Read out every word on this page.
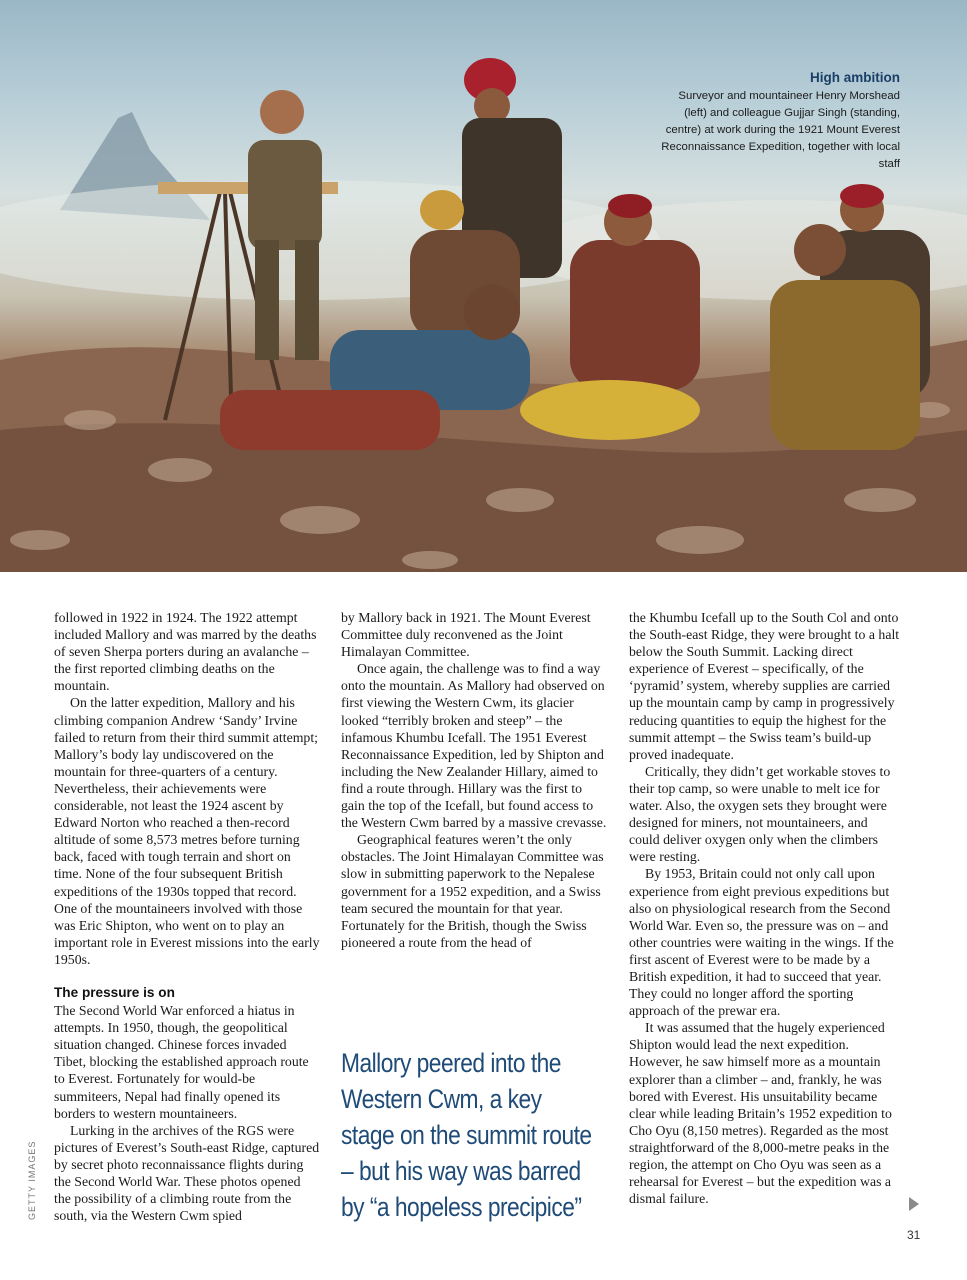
High ambition
Surveyor and mountaineer Henry Morshead (left) and colleague Gujjar Singh (standing, centre) at work during the 1921 Mount Everest Reconnaissance Expedition, together with local staff

followed in 1922 in 1924. The 1922 attempt included Mallory and was marred by the deaths of seven Sherpa porters during an avalanche – the first reported climbing deaths on the mountain.

On the latter expedition, Mallory and his climbing companion Andrew ‘Sandy’ Irvine failed to return from their third summit attempt; Mallory’s body lay undiscovered on the mountain for three-quarters of a century. Nevertheless, their achievements were considerable, not least the 1924 ascent by Edward Norton who reached a then-record altitude of some 8,573 metres before turning back, faced with tough terrain and short on time. None of the four subsequent British expeditions of the 1930s topped that record. One of the mountaineers involved with those was Eric Shipton, who went on to play an important role in Everest missions into the early 1950s.

The pressure is on

The Second World War enforced a hiatus in attempts. In 1950, though, the geopolitical situation changed. Chinese forces invaded Tibet, blocking the established approach route to Everest. Fortunately for would-be summiteers, Nepal had finally opened its borders to western mountaineers.

Lurking in the archives of the RGS were pictures of Everest’s South-east Ridge, captured by secret photo reconnaissance flights during the Second World War. These photos opened the possibility of a climbing route from the south, via the Western Cwm spied

by Mallory back in 1921. The Mount Everest Committee duly reconvened as the Joint Himalayan Committee.

Once again, the challenge was to find a way onto the mountain. As Mallory had observed on first viewing the Western Cwm, its glacier looked “terribly broken and steep” – the infamous Khumbu Icefall. The 1951 Everest Reconnaissance Expedition, led by Shipton and including the New Zealander Hillary, aimed to find a route through. Hillary was the first to gain the top of the Icefall, but found access to the Western Cwm barred by a massive crevasse.

Geographical features weren’t the only obstacles. The Joint Himalayan Committee was slow in submitting paperwork to the Nepalese government for a 1952 expedition, and a Swiss team secured the mountain for that year. Fortunately for the British, though the Swiss pioneered a route from the head of

Mallory peered into the Western Cwm, a key stage on the summit route – but his way was barred by “a hopeless precipice”

the Khumbu Icefall up to the South Col and onto the South-east Ridge, they were brought to a halt below the South Summit. Lacking direct experience of Everest – specifically, of the ‘pyramid’ system, whereby supplies are carried up the mountain camp by camp in progressively reducing quantities to equip the highest for the summit attempt – the Swiss team’s build-up proved inadequate.

Critically, they didn’t get workable stoves to their top camp, so were unable to melt ice for water. Also, the oxygen sets they brought were designed for miners, not mountaineers, and could deliver oxygen only when the climbers were resting.

By 1953, Britain could not only call upon experience from eight previous expeditions but also on physiological research from the Second World War. Even so, the pressure was on – and other countries were waiting in the wings. If the first ascent of Everest were to be made by a British expedition, it had to succeed that year. They could no longer afford the sporting approach of the prewar era.

It was assumed that the hugely experienced Shipton would lead the next expedition. However, he saw himself more as a mountain explorer than a climber – and, frankly, he was bored with Everest. His unsuitability became clear while leading Britain’s 1952 expedition to Cho Oyu (8,150 metres). Regarded as the most straightforward of the 8,000-metre peaks in the region, the attempt on Cho Oyu was seen as a rehearsal for Everest – but the expedition was a dismal failure.

GETTY IMAGES
31
